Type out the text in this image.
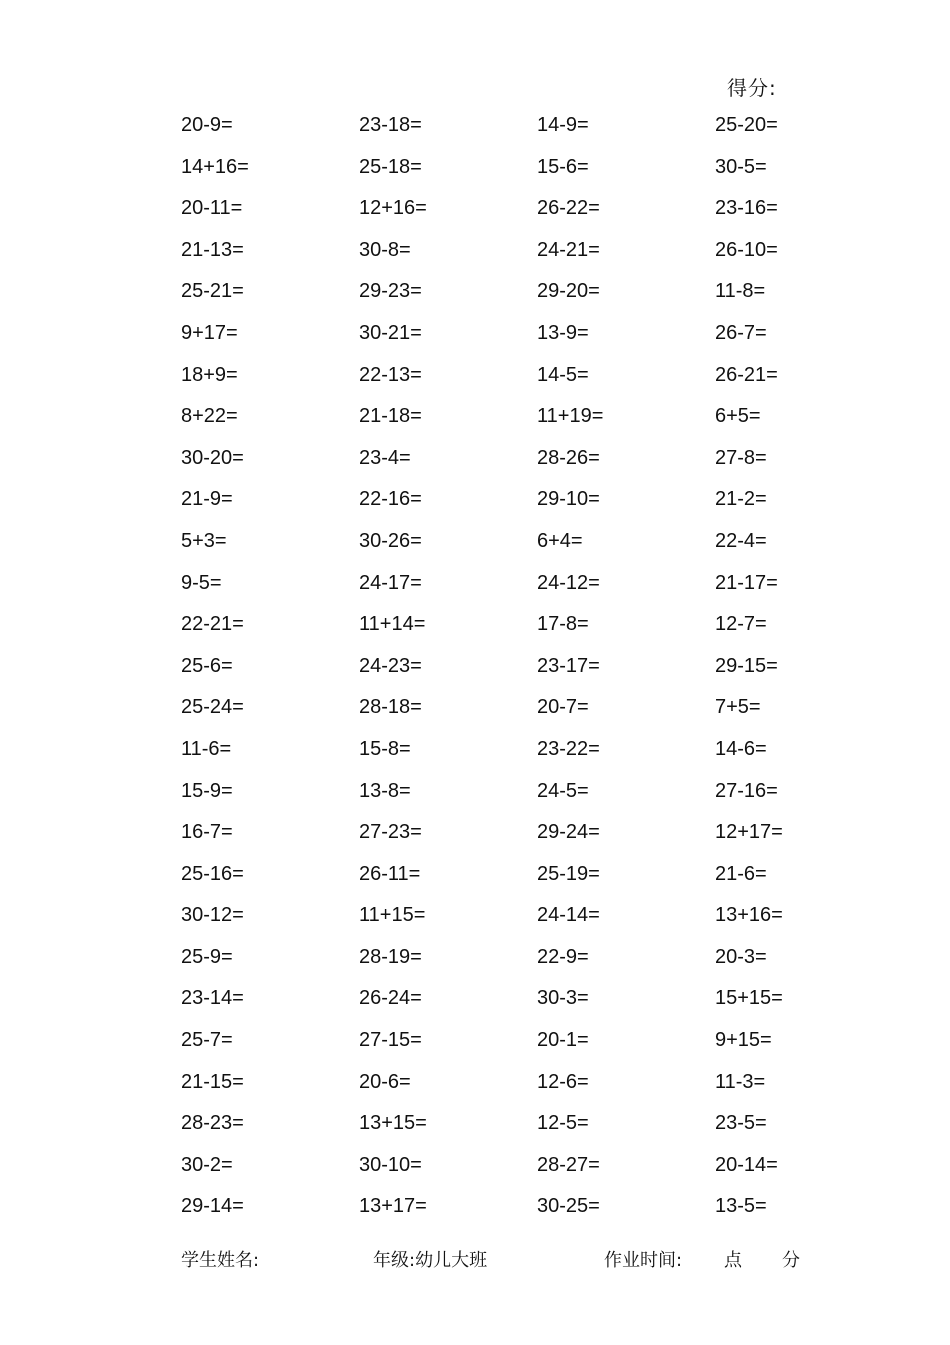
得分:
20-9=	23-18=	14-9=	25-20=
14+16=	25-18=	15-6=	30-5=
20-11=	12+16=	26-22=	23-16=
21-13=	30-8=	24-21=	26-10=
25-21=	29-23=	29-20=	11-8=
9+17=	30-21=	13-9=	26-7=
18+9=	22-13=	14-5=	26-21=
8+22=	21-18=	11+19=	6+5=
30-20=	23-4=	28-26=	27-8=
21-9=	22-16=	29-10=	21-2=
5+3=	30-26=	6+4=	22-4=
9-5=	24-17=	24-12=	21-17=
22-21=	11+14=	17-8=	12-7=
25-6=	24-23=	23-17=	29-15=
25-24=	28-18=	20-7=	7+5=
11-6=	15-8=	23-22=	14-6=
15-9=	13-8=	24-5=	27-16=
16-7=	27-23=	29-24=	12+17=
25-16=	26-11=	25-19=	21-6=
30-12=	11+15=	24-14=	13+16=
25-9=	28-19=	22-9=	20-3=
23-14=	26-24=	30-3=	15+15=
25-7=	27-15=	20-1=	9+15=
21-15=	20-6=	12-6=	11-3=
28-23=	13+15=	12-5=	23-5=
30-2=	30-10=	28-27=	20-14=
29-14=	13+17=	30-25=	13-5=
学生姓名:	年级:幼儿大班	作业时间: 点 分
